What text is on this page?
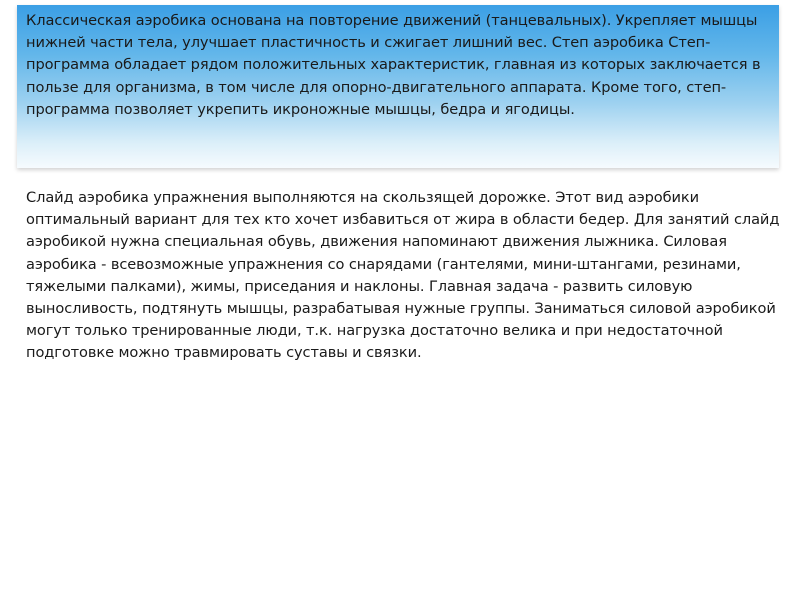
Классическая аэробика основана на повторение движений (танцевальных). Укрепляет мышцы нижней части тела, улучшает пластичность и сжигает лишний вес. Степ аэробика Степ-программа обладает рядом положительных характеристик, главная из которых заключается в пользе для организма, в том числе для опорно-двигательного аппарата. Кроме того, степ-программа позволяет укрепить икроножные мышцы, бедра и ягодицы.

Слайд аэробика упражнения выполняются на скользящей дорожке. Этот вид аэробики оптимальный вариант для тех кто хочет избавиться от жира в области бедер. Для занятий слайд аэробикой нужна специальная обувь, движения напоминают движения лыжника. Силовая аэробика - всевозможные упражнения со снарядами (гантелями, мини-штангами, резинами, тяжелыми палками), жимы, приседания и наклоны. Главная задача - развить силовую выносливость, подтянуть мышцы, разрабатывая нужные группы. Заниматься силовой аэробикой могут только тренированные люди, т.к. нагрузка достаточно велика и при недостаточной подготовке можно травмировать суставы и связки.
